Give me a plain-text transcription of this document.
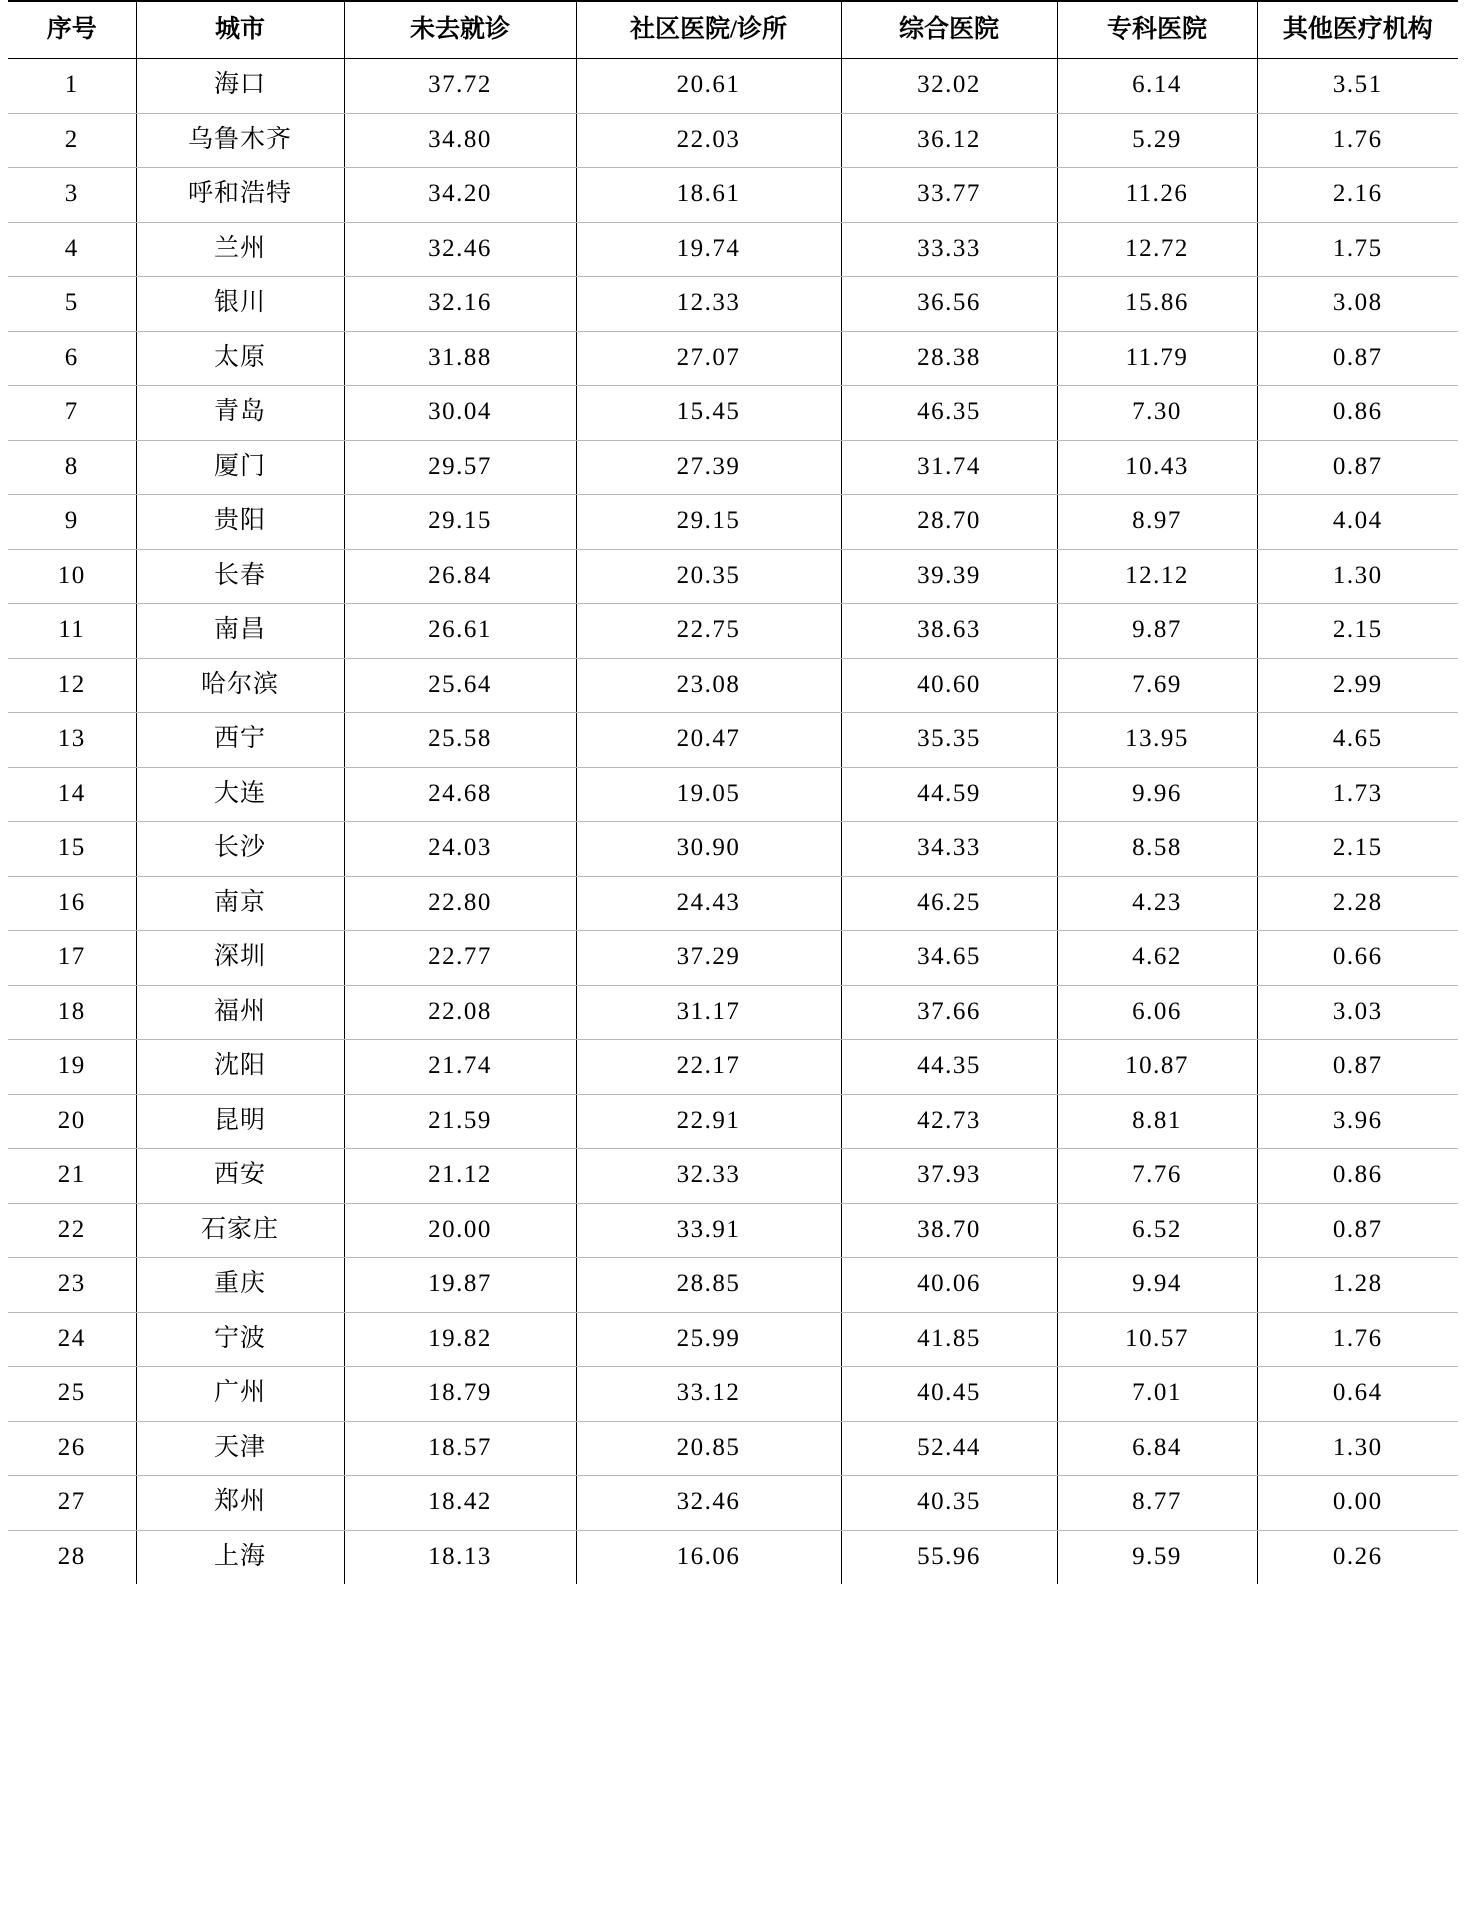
序号	城市	未去就诊	社区医院/诊所	综合医院	专科医院	其他医疗机构
1	海口	37.72	20.61	32.02	6.14	3.51
2	乌鲁木齐	34.80	22.03	36.12	5.29	1.76
3	呼和浩特	34.20	18.61	33.77	11.26	2.16
4	兰州	32.46	19.74	33.33	12.72	1.75
5	银川	32.16	12.33	36.56	15.86	3.08
6	太原	31.88	27.07	28.38	11.79	0.87
7	青岛	30.04	15.45	46.35	7.30	0.86
8	厦门	29.57	27.39	31.74	10.43	0.87
9	贵阳	29.15	29.15	28.70	8.97	4.04
10	长春	26.84	20.35	39.39	12.12	1.30
11	南昌	26.61	22.75	38.63	9.87	2.15
12	哈尔滨	25.64	23.08	40.60	7.69	2.99
13	西宁	25.58	20.47	35.35	13.95	4.65
14	大连	24.68	19.05	44.59	9.96	1.73
15	长沙	24.03	30.90	34.33	8.58	2.15
16	南京	22.80	24.43	46.25	4.23	2.28
17	深圳	22.77	37.29	34.65	4.62	0.66
18	福州	22.08	31.17	37.66	6.06	3.03
19	沈阳	21.74	22.17	44.35	10.87	0.87
20	昆明	21.59	22.91	42.73	8.81	3.96
21	西安	21.12	32.33	37.93	7.76	0.86
22	石家庄	20.00	33.91	38.70	6.52	0.87
23	重庆	19.87	28.85	40.06	9.94	1.28
24	宁波	19.82	25.99	41.85	10.57	1.76
25	广州	18.79	33.12	40.45	7.01	0.64
26	天津	18.57	20.85	52.44	6.84	1.30
27	郑州	18.42	32.46	40.35	8.77	0.00
28	上海	18.13	16.06	55.96	9.59	0.26
